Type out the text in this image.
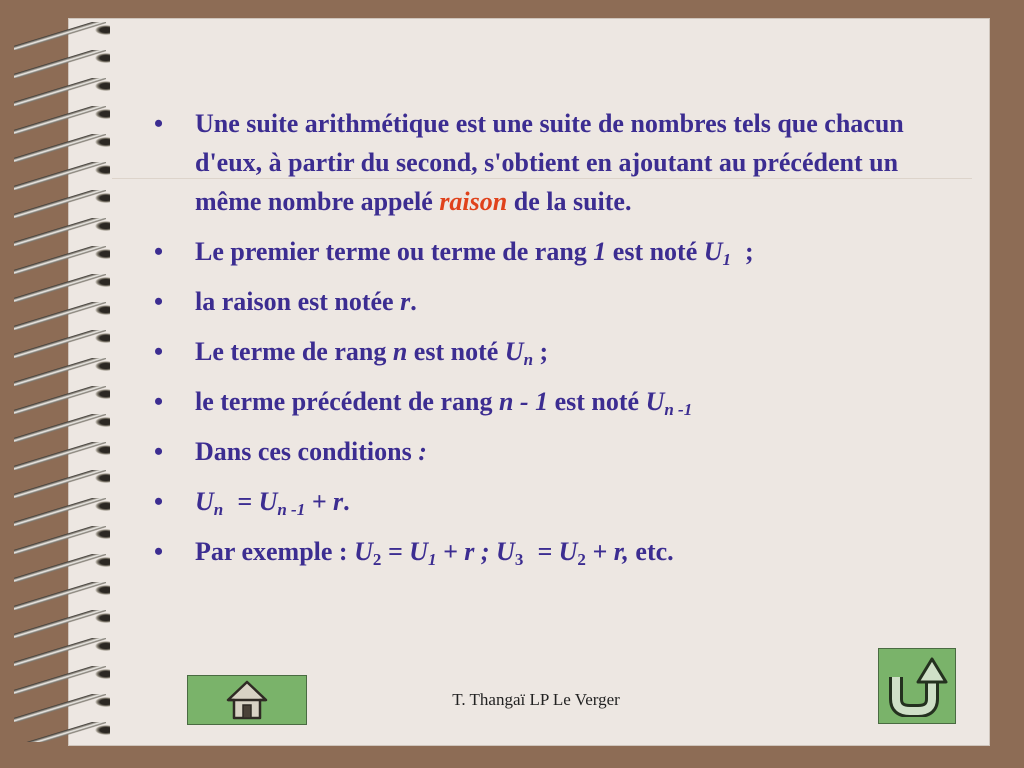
• Une suite arithmétique est une suite de nombres tels que chacun d'eux, à partir du second, s'obtient en ajoutant au précédent un même nombre appelé raison de la suite.
• Le premier terme ou terme de rang 1 est noté $U_1$ ;
• la raison est notée r.
• Le terme de rang n est noté $U_n$ ;
• le terme précédent de rang n - 1 est noté $U_{n -1}$
• Dans ces conditions :
• $U_n = U_{n -1} + r$.
• Par exemple : $U_2 = U_1 + r$ ; $U_3 = U_2 + r$, etc.
T. Thangaï LP Le Verger
